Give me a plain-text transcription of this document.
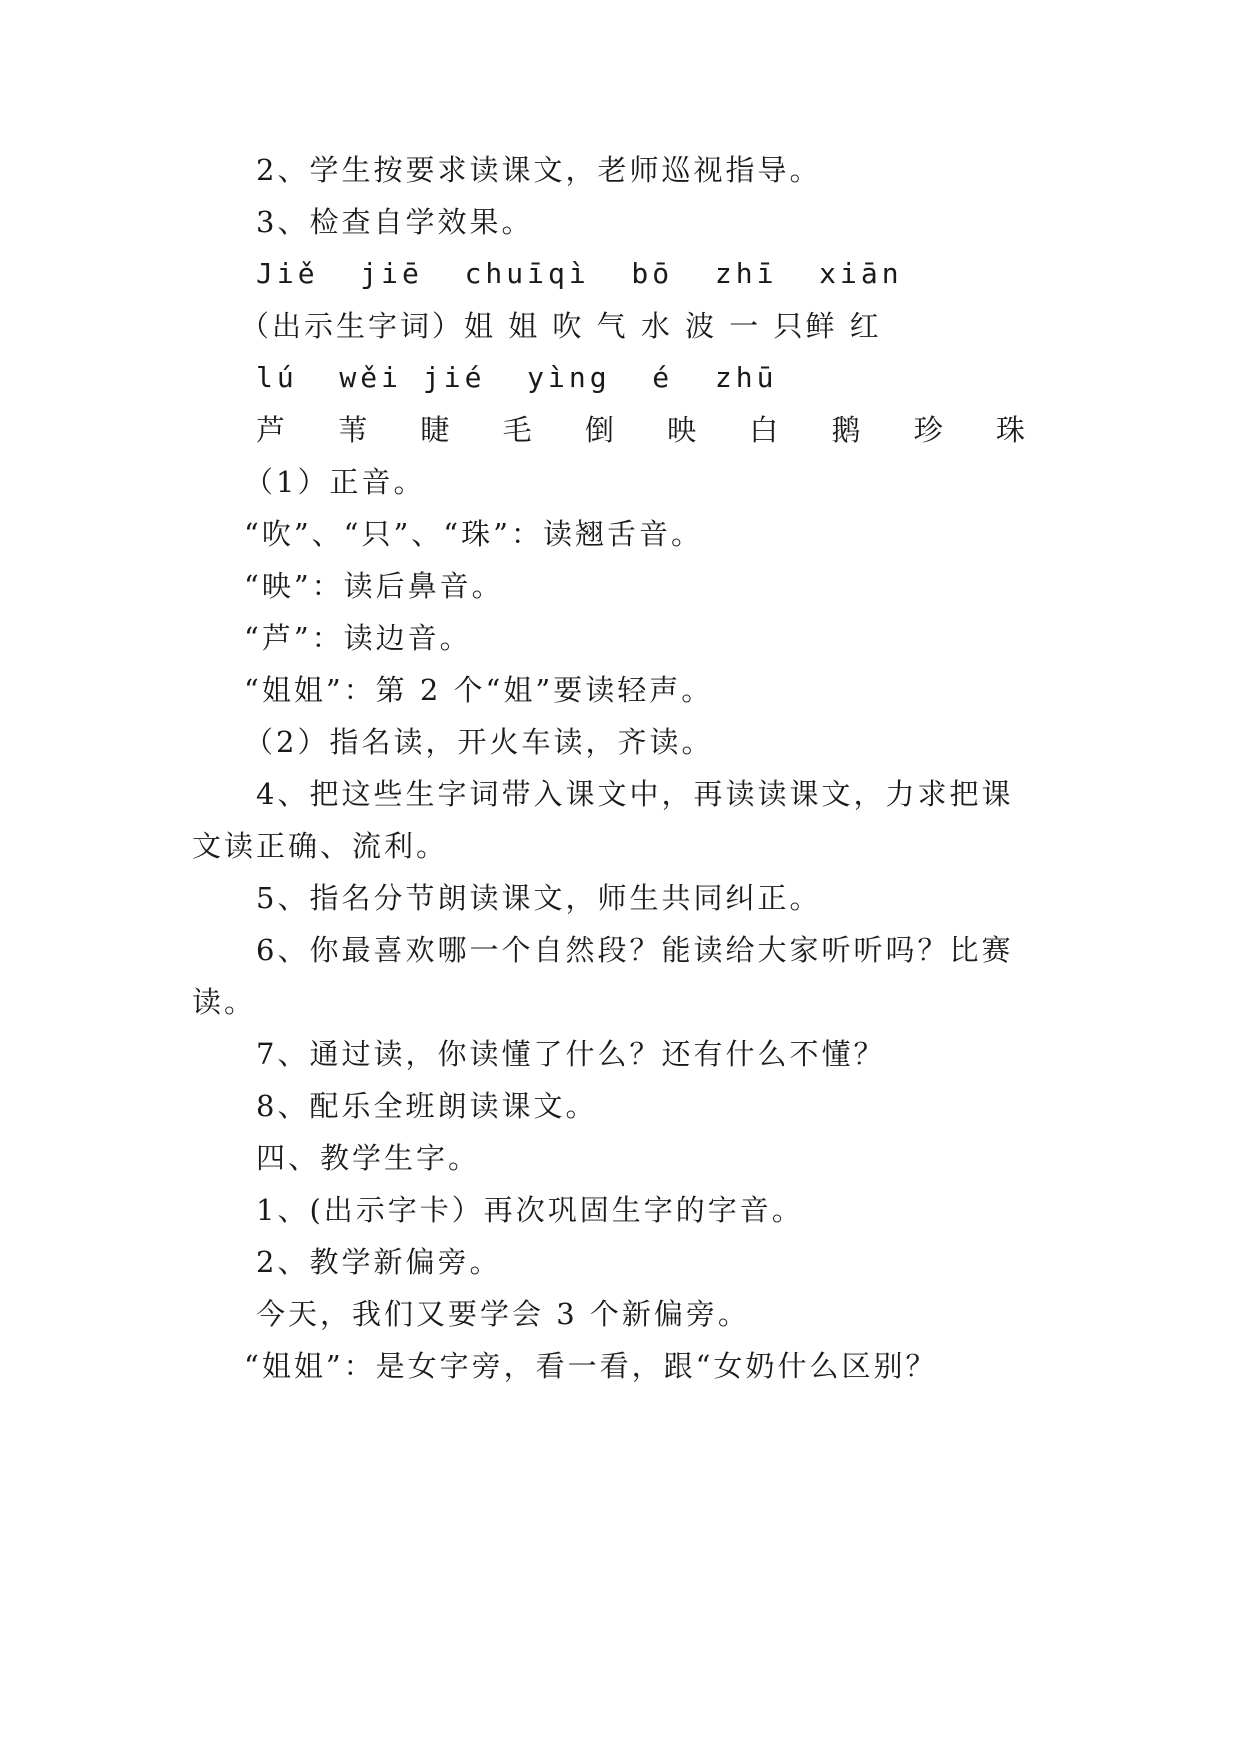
2、学生按要求读课文，老师巡视指导。
3、检查自学效果。
Jiě  jiē  chuīqì  bō  zhī  xiān
（出示生字词）姐 姐 吹 气 水 波 一 只鲜 红
lú  wěi jié  yìng  é  zhū
芦 苇 睫 毛 倒 映 白 鹅 珍 珠
（1）正音。
“吹”、“只”、“珠”：读翘舌音。
“映”：读后鼻音。
“芦”：读边音。
“姐姐”：第 2 个“姐”要读轻声。
（2）指名读，开火车读，齐读。
4、把这些生字词带入课文中，再读读课文，力求把课
文读正确、流利。
5、指名分节朗读课文，师生共同纠正。
6、你最喜欢哪一个自然段？能读给大家听听吗？比赛
读。
7、通过读，你读懂了什么？还有什么不懂？
8、配乐全班朗读课文。
四、教学生字。
1、(出示字卡）再次巩固生字的字音。
2、教学新偏旁。
今天，我们又要学会 3 个新偏旁。
“姐姐”：是女字旁，看一看，跟“女奶什么区别？
